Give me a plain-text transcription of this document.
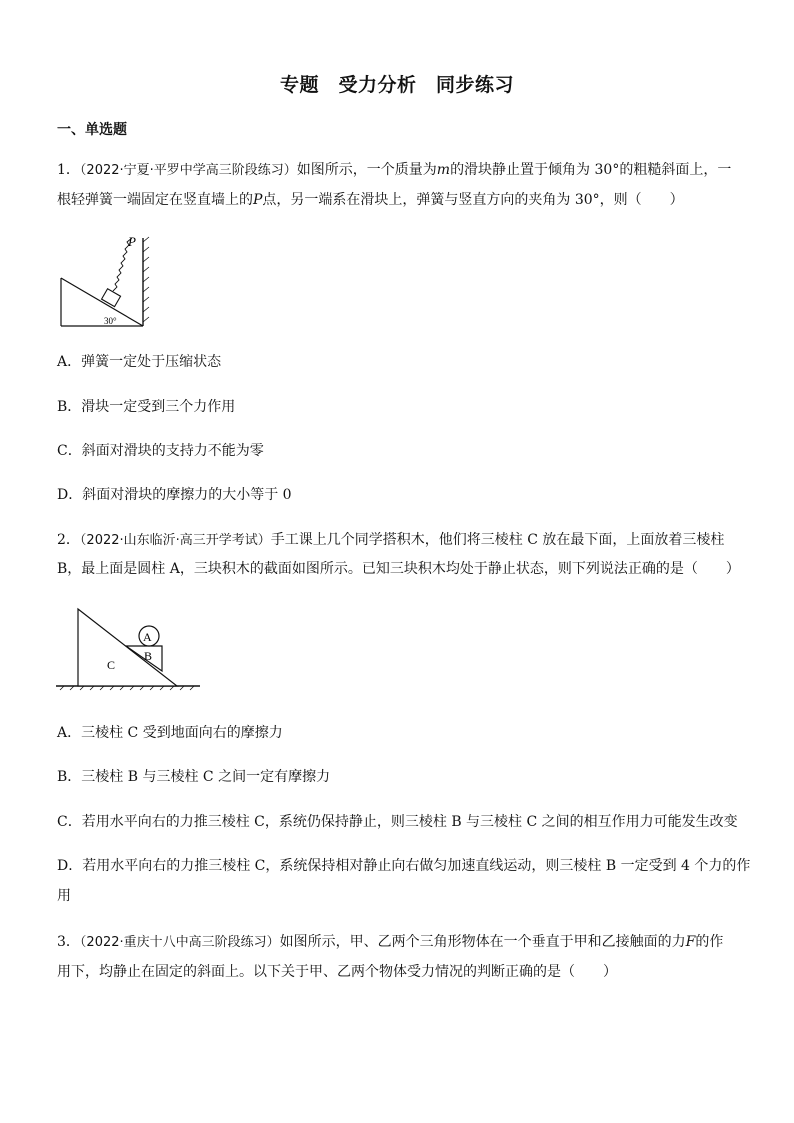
专题　受力分析　同步练习
一、单选题
1．（2022·宁夏·平罗中学高三阶段练习）如图所示，一个质量为m的滑块静止置于倾角为 30°的粗糙斜面上，一
根轻弹簧一端固定在竖直墙上的P点，另一端系在滑块上，弹簧与竖直方向的夹角为 30°，则（　　）
P
30°
A．弹簧一定处于压缩状态
B．滑块一定受到三个力作用
C．斜面对滑块的支持力不能为零
D．斜面对滑块的摩擦力的大小等于 0
2．（2022·山东临沂·高三开学考试）手工课上几个同学搭积木，他们将三棱柱 C 放在最下面，上面放着三棱柱
B，最上面是圆柱 A，三块积木的截面如图所示。已知三块积木均处于静止状态，则下列说法正确的是（　　）
A
B
C
A．三棱柱 C 受到地面向右的摩擦力
B．三棱柱 B 与三棱柱 C 之间一定有摩擦力
C．若用水平向右的力推三棱柱 C，系统仍保持静止，则三棱柱 B 与三棱柱 C 之间的相互作用力可能发生改变
D．若用水平向右的力推三棱柱 C，系统保持相对静止向右做匀加速直线运动，则三棱柱 B 一定受到 4 个力的作
用
3．（2022·重庆十八中高三阶段练习）如图所示，甲、乙两个三角形物体在一个垂直于甲和乙接触面的力F的作
用下，均静止在固定的斜面上。以下关于甲、乙两个物体受力情况的判断正确的是（　　）
